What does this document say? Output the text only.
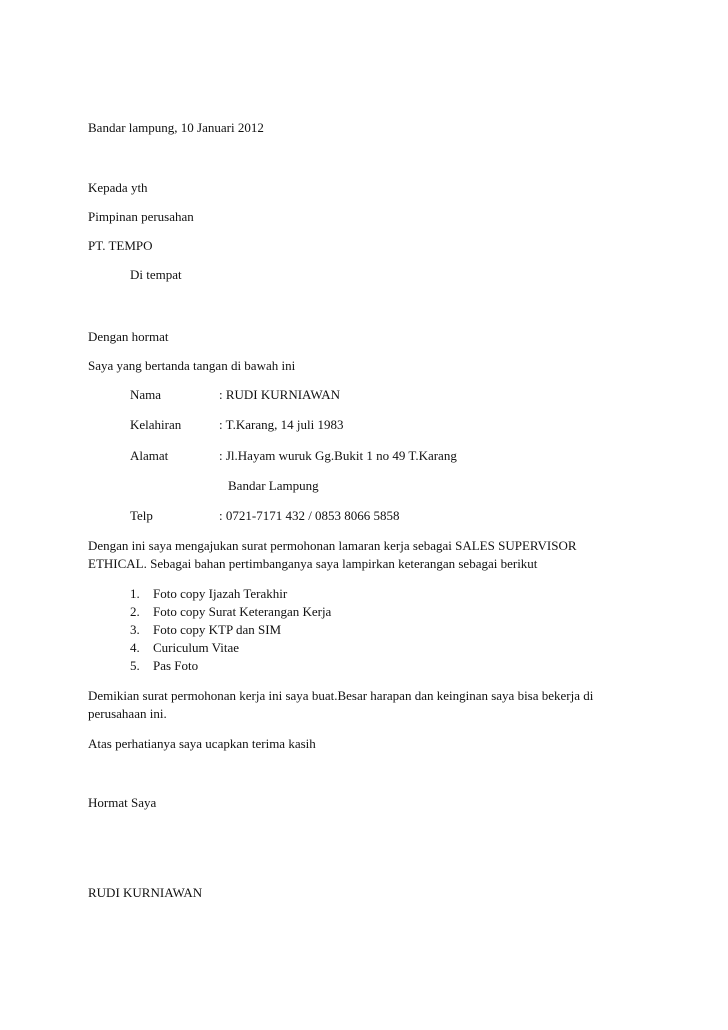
Bandar lampung, 10 Januari 2012
Kepada yth
Pimpinan perusahan
PT. TEMPO
Di tempat
Dengan hormat
Saya yang bertanda tangan di bawah ini
Nama	: RUDI KURNIAWAN
Kelahiran	: T.Karang, 14 juli 1983
Alamat	: Jl.Hayam wuruk Gg.Bukit 1 no 49 T.Karang
Bandar Lampung
Telp	: 0721-7171 432 / 0853 8066 5858
Dengan ini saya mengajukan surat permohonan lamaran kerja sebagai SALES SUPERVISOR
ETHICAL. Sebagai bahan pertimbanganya saya lampirkan keterangan sebagai berikut
1. Foto copy Ijazah Terakhir
2. Foto copy Surat Keterangan Kerja
3. Foto copy KTP dan SIM
4. Curiculum Vitae
5. Pas Foto
Demikian surat permohonan kerja ini saya buat.Besar harapan dan keinginan saya bisa bekerja di
perusahaan ini.
Atas perhatianya saya ucapkan terima kasih
Hormat Saya
RUDI KURNIAWAN
